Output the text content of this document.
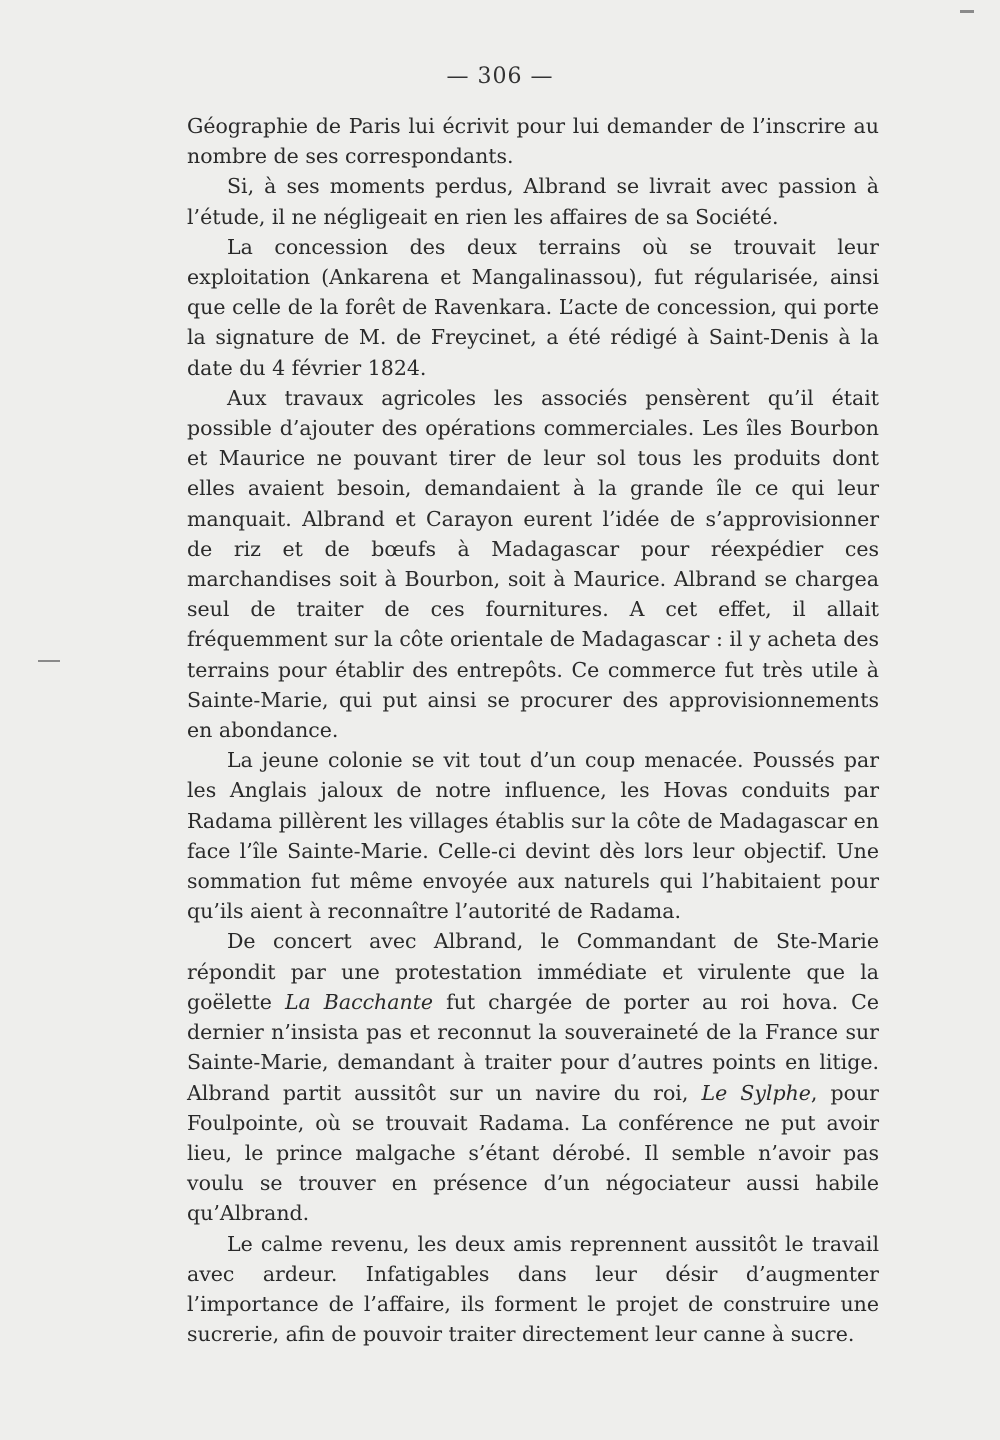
— 306 —

Géographie de Paris lui écrivit pour lui demander de l’inscrire au nombre de ses correspondants.

Si, à ses moments perdus, Albrand se livrait avec passion à l’étude, il ne négligeait en rien les affaires de sa Société.

La concession des deux terrains où se trouvait leur exploitation (Ankarena et Mangalinassou), fut régularisée, ainsi que celle de la forêt de Ravenkara. L’acte de concession, qui porte la signature de M. de Freycinet, a été rédigé à Saint-Denis à la date du 4 février 1824.

Aux travaux agricoles les associés pensèrent qu’il était possible d’ajouter des opérations commerciales. Les îles Bourbon et Maurice ne pouvant tirer de leur sol tous les produits dont elles avaient besoin, demandaient à la grande île ce qui leur manquait. Albrand et Carayon eurent l’idée de s’approvisionner de riz et de bœufs à Madagascar pour réexpédier ces marchandises soit à Bourbon, soit à Maurice. Albrand se chargea seul de traiter de ces fournitures. A cet effet, il allait fréquemment sur la côte orientale de Madagascar : il y acheta des terrains pour établir des entrepôts. Ce commerce fut très utile à Sainte-Marie, qui put ainsi se procurer des approvisionnements en abondance.

La jeune colonie se vit tout d’un coup menacée. Poussés par les Anglais jaloux de notre influence, les Hovas conduits par Radama pillèrent les villages établis sur la côte de Madagascar en face l’île Sainte-Marie. Celle-ci devint dès lors leur objectif. Une sommation fut même envoyée aux naturels qui l’habitaient pour qu’ils aient à reconnaître l’autorité de Radama.

De concert avec Albrand, le Commandant de Ste-Marie répondit par une protestation immédiate et virulente que la goëlette La Bacchante fut chargée de porter au roi hova. Ce dernier n’insista pas et reconnut la souveraineté de la France sur Sainte-Marie, demandant à traiter pour d’autres points en litige. Albrand partit aussitôt sur un navire du roi, Le Sylphe, pour Foulpointe, où se trouvait Radama. La conférence ne put avoir lieu, le prince malgache s’étant dérobé. Il semble n’avoir pas voulu se trouver en présence d’un négociateur aussi habile qu’Albrand.

Le calme revenu, les deux amis reprennent aussitôt le travail avec ardeur. Infatigables dans leur désir d’augmenter l’importance de l’affaire, ils forment le projet de construire une sucrerie, afin de pouvoir traiter directement leur canne à sucre.
